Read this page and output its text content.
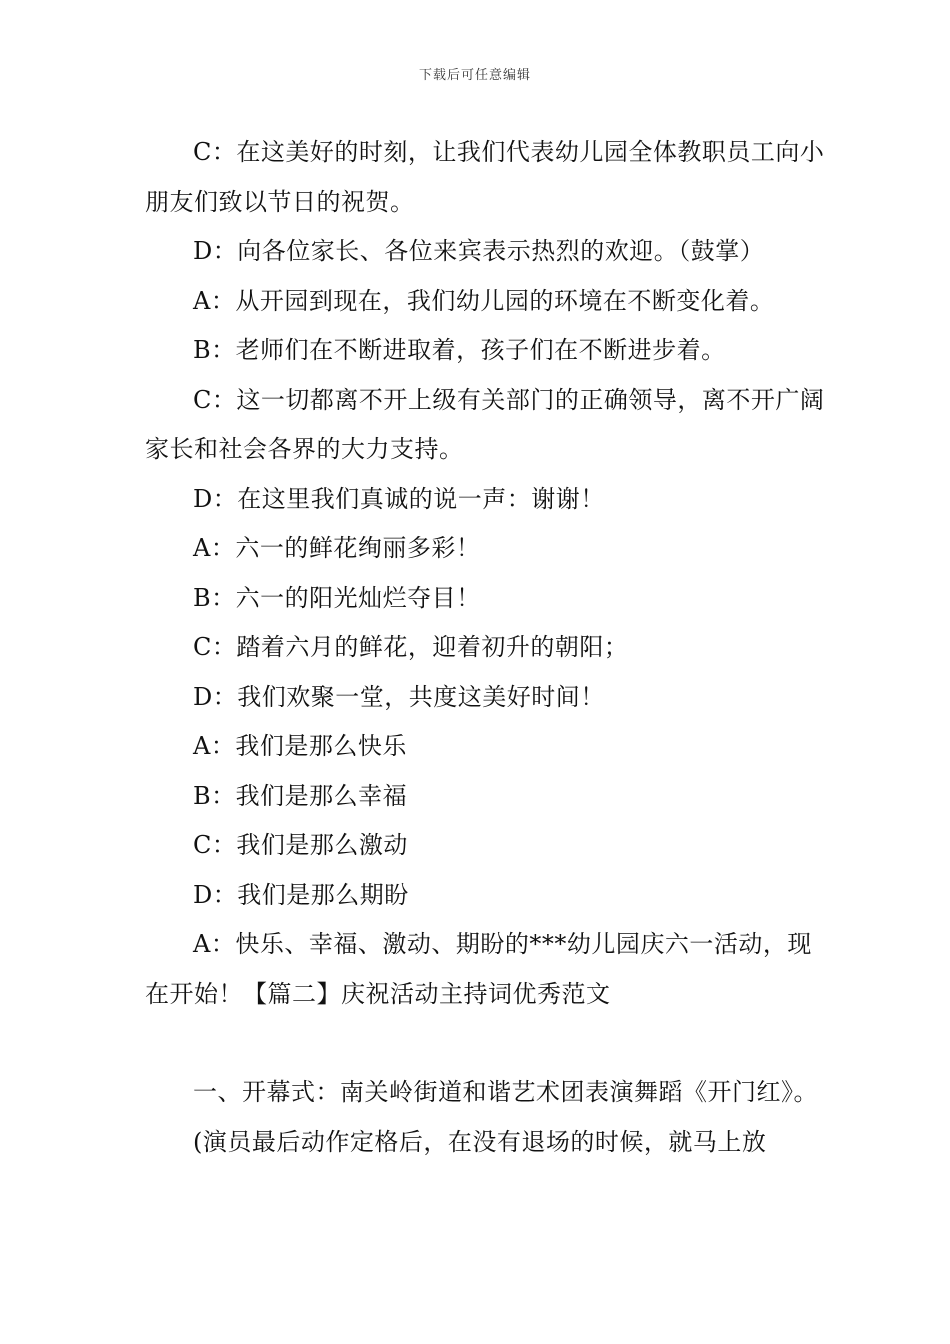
下载后可任意编辑

C：在这美好的时刻，让我们代表幼儿园全体教职员工向小朋友们致以节日的祝贺。

D：向各位家长、各位来宾表示热烈的欢迎。（鼓掌）

A：从开园到现在，我们幼儿园的环境在不断变化着。

B：老师们在不断进取着，孩子们在不断进步着。

C：这一切都离不开上级有关部门的正确领导，离不开广阔家长和社会各界的大力支持。

D：在这里我们真诚的说一声：谢谢！

A：六一的鲜花绚丽多彩！

B：六一的阳光灿烂夺目！

C：踏着六月的鲜花，迎着初升的朝阳；

D：我们欢聚一堂，共度这美好时间！

A：我们是那么快乐

B：我们是那么幸福

C：我们是那么激动

D：我们是那么期盼

A：快乐、幸福、激动、期盼的***幼儿园庆六一活动，现在开始！【篇二】庆祝活动主持词优秀范文

一、开幕式：南关岭街道和谐艺术团表演舞蹈《开门红》。

(演员最后动作定格后，在没有退场的时候，就马上放
